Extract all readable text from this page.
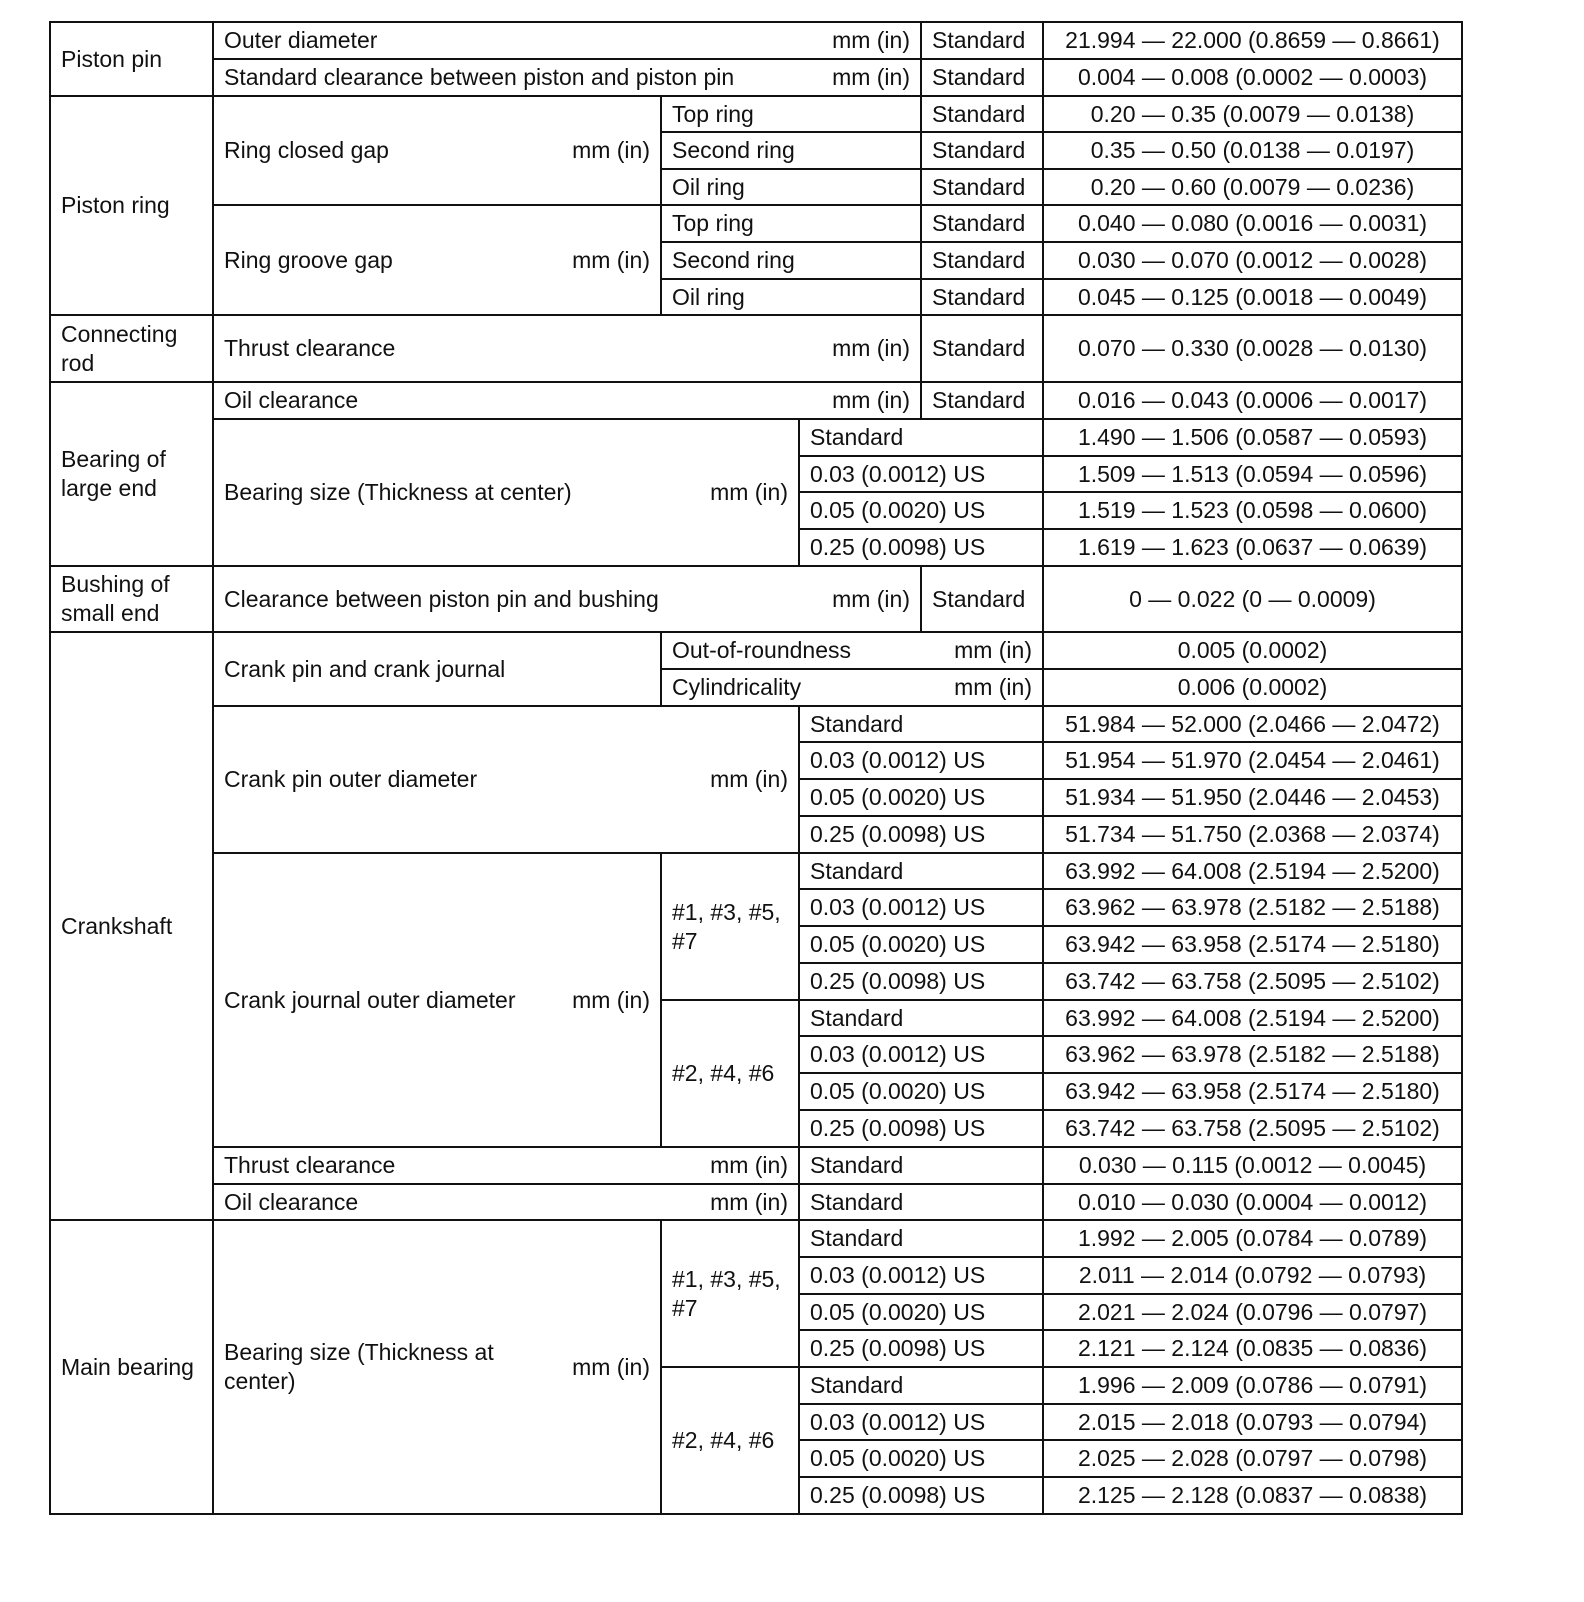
Piston pin
Outer diameter	mm (in) Standard 21.994 — 22.000 (0.8659 — 0.8661)
Standard clearance between piston and piston pin	mm (in) Standard 0.004 — 0.008 (0.0002 — 0.0003)
Piston ring
Ring closed gap	mm (in)
Top ring	Standard	0.20 — 0.35 (0.0079 — 0.0138)
Second ring	Standard	0.35 — 0.50 (0.0138 — 0.0197)
Oil ring	Standard	0.20 — 0.60 (0.0079 — 0.0236)
Ring groove gap	mm (in)
Top ring	Standard 0.040 — 0.080 (0.0016 — 0.0031)
Second ring	Standard 0.030 — 0.070 (0.0012 — 0.0028)
Oil ring	Standard 0.045 — 0.125 (0.0018 — 0.0049)
Connecting rod
Thrust clearance	mm (in) Standard 0.070 — 0.330 (0.0028 — 0.0130)
Bearing of large end
Oil clearance	mm (in) Standard 0.016 — 0.043 (0.0006 — 0.0017)
Bearing size (Thickness at center)	mm (in)
Standard	1.490 — 1.506 (0.0587 — 0.0593)
0.03 (0.0012) US	1.509 — 1.513 (0.0594 — 0.0596)
0.05 (0.0020) US	1.519 — 1.523 (0.0598 — 0.0600)
0.25 (0.0098) US	1.619 — 1.623 (0.0637 — 0.0639)
Bushing of small end
Clearance between piston pin and bushing	mm (in) Standard	0 — 0.022 (0 — 0.0009)
Crankshaft
Crank pin and crank journal
Out-of-roundness	mm (in)	0.005 (0.0002)
Cylindricality	mm (in)	0.006 (0.0002)
Crank pin outer diameter	mm (in)
Standard	51.984 — 52.000 (2.0466 — 2.0472)
0.03 (0.0012) US	51.954 — 51.970 (2.0454 — 2.0461)
0.05 (0.0020) US	51.934 — 51.950 (2.0446 — 2.0453)
0.25 (0.0098) US	51.734 — 51.750 (2.0368 — 2.0374)
Crank journal outer diameter mm (in)
#1, #3, #5, #7
Standard	63.992 — 64.008 (2.5194 — 2.5200)
0.03 (0.0012) US	63.962 — 63.978 (2.5182 — 2.5188)
0.05 (0.0020) US	63.942 — 63.958 (2.5174 — 2.5180)
0.25 (0.0098) US	63.742 — 63.758 (2.5095 — 2.5102)
#2, #4, #6
Standard	63.992 — 64.008 (2.5194 — 2.5200)
0.03 (0.0012) US	63.962 — 63.978 (2.5182 — 2.5188)
0.05 (0.0020) US	63.942 — 63.958 (2.5174 — 2.5180)
0.25 (0.0098) US	63.742 — 63.758 (2.5095 — 2.5102)
Thrust clearance	mm (in) Standard	0.030 — 0.115 (0.0012 — 0.0045)
Oil clearance	mm (in) Standard	0.010 — 0.030 (0.0004 — 0.0012)
Main bearing
Bearing size (Thickness at center)
mm (in)
#1, #3, #5, #7
Standard	1.992 — 2.005 (0.0784 — 0.0789)
0.03 (0.0012) US	2.011 — 2.014 (0.0792 — 0.0793)
0.05 (0.0020) US	2.021 — 2.024 (0.0796 — 0.0797)
0.25 (0.0098) US	2.121 — 2.124 (0.0835 — 0.0836)
#2, #4, #6
Standard	1.996 — 2.009 (0.0786 — 0.0791)
0.03 (0.0012) US	2.015 — 2.018 (0.0793 — 0.0794)
0.05 (0.0020) US	2.025 — 2.028 (0.0797 — 0.0798)
0.25 (0.0098) US	2.125 — 2.128 (0.0837 — 0.0838)
